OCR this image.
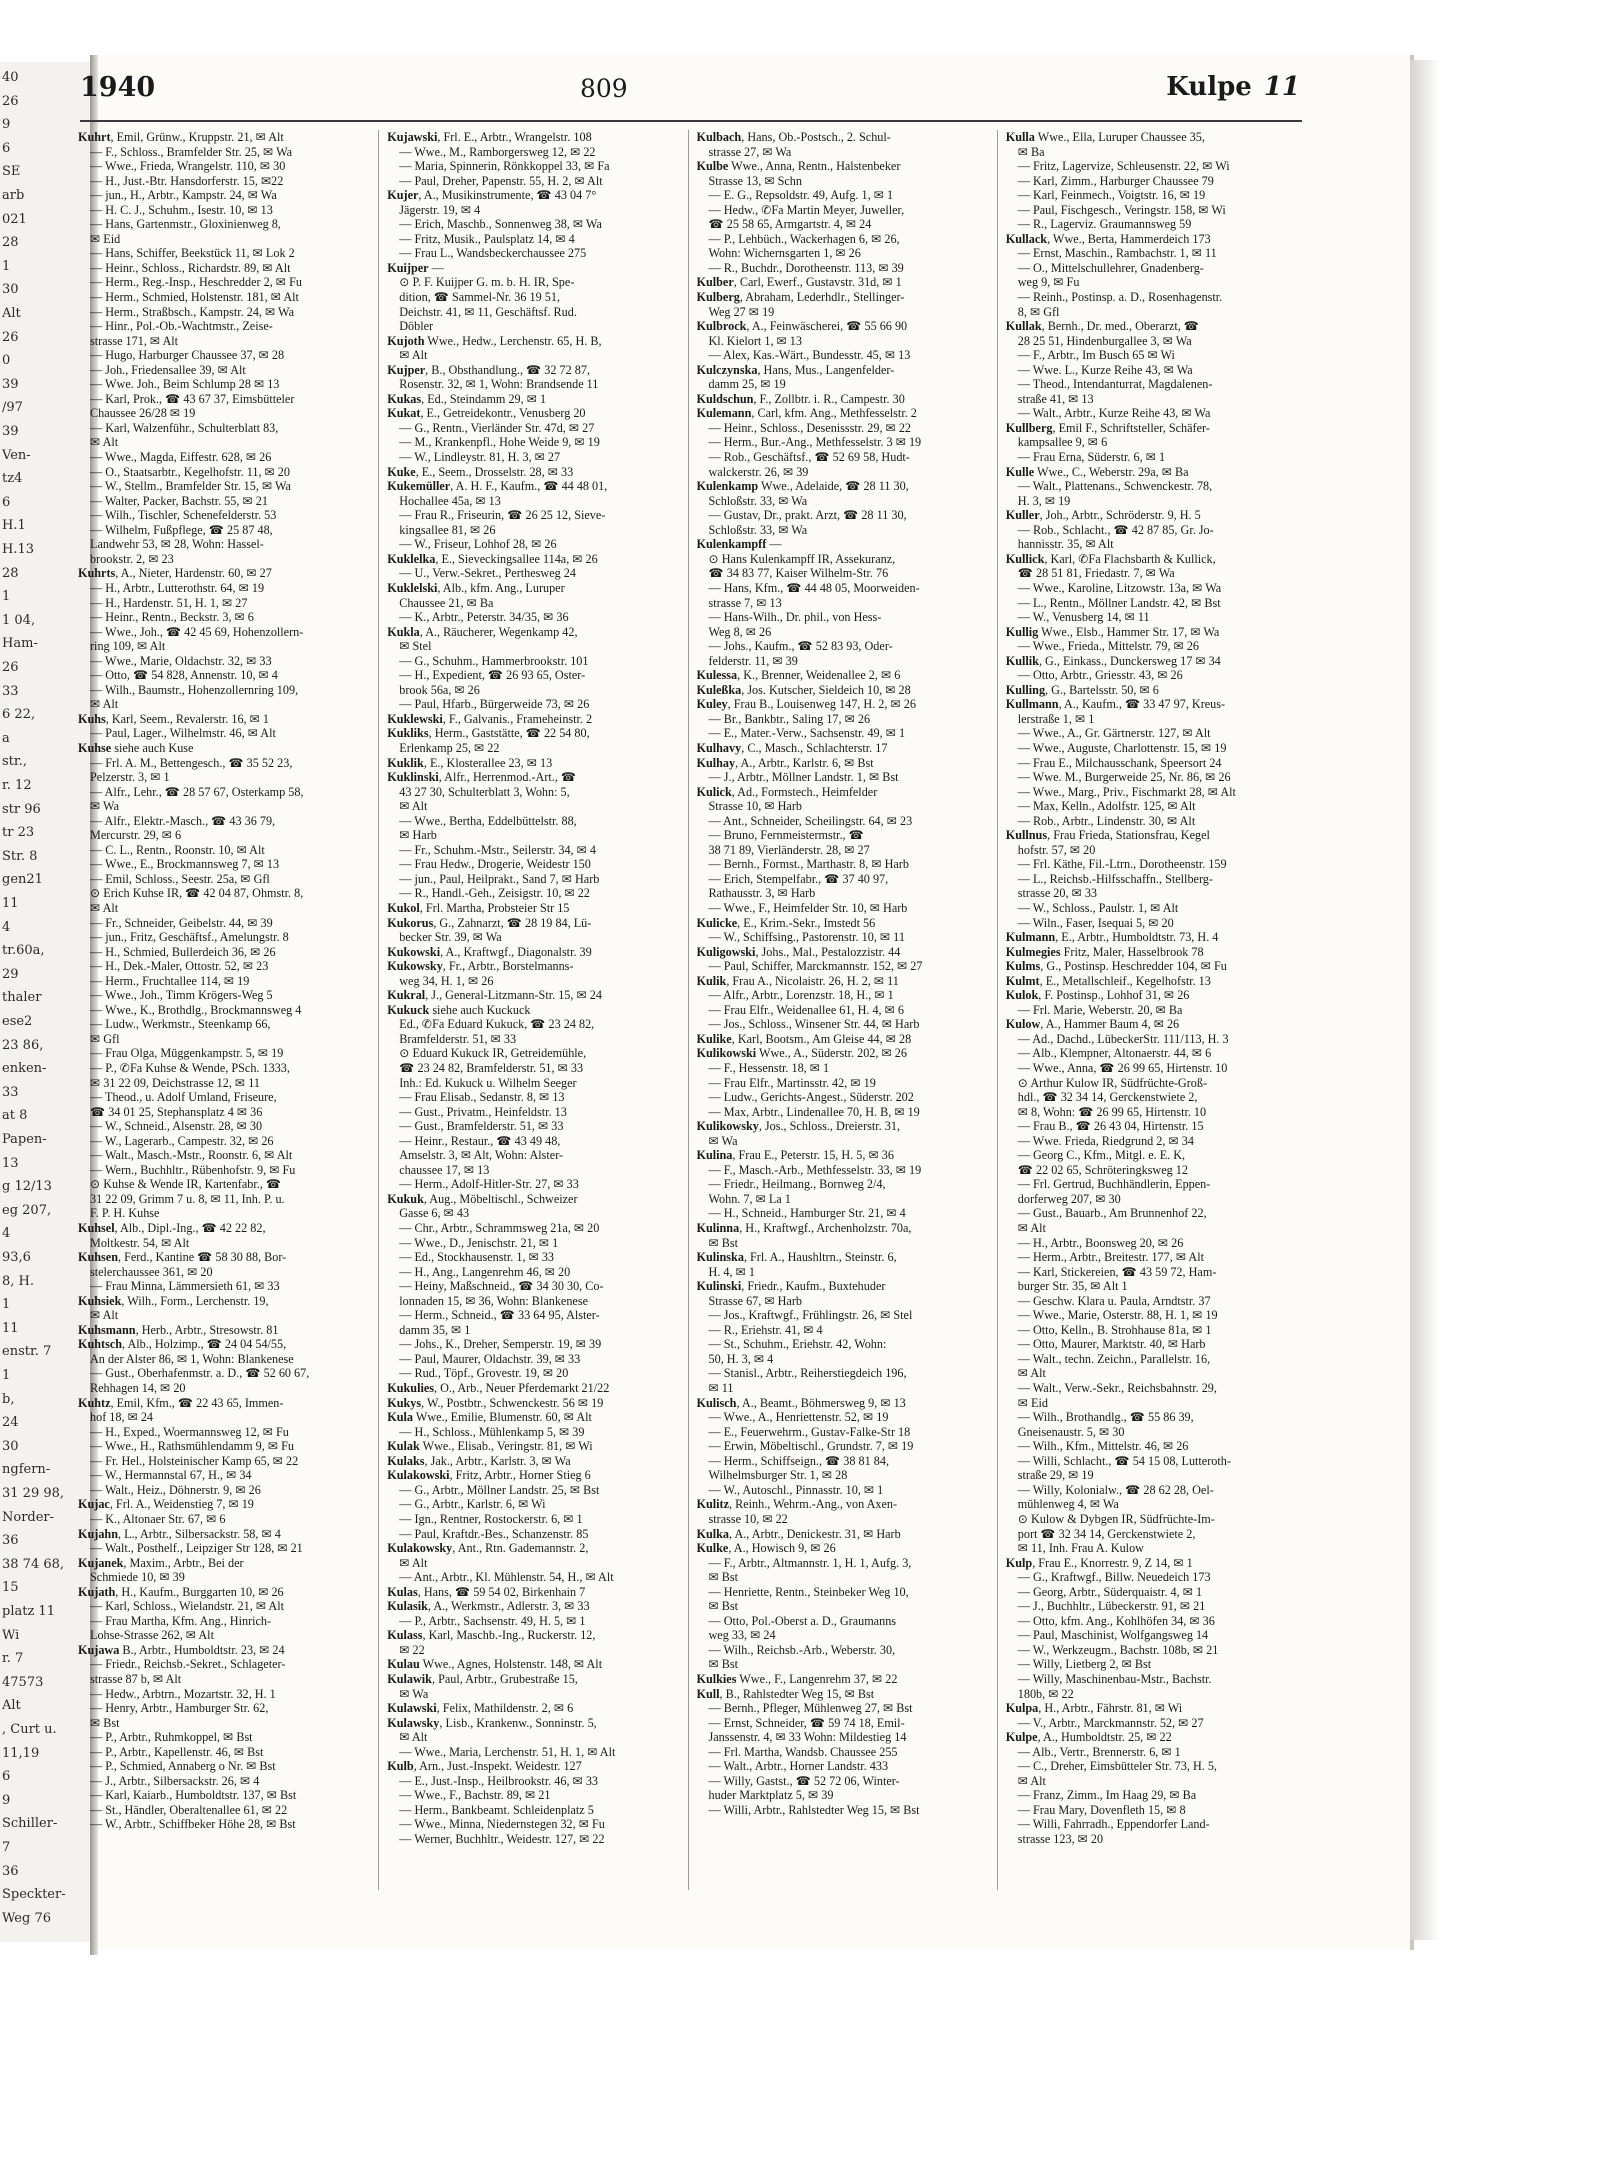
40
26
9
6
SE
arb
021
28
1
30
Alt
26
0
39
/97
39
Ven-
tz4
6
H.1
H.13
28
1
1 04,
Ham-
26
33
6 22,
a
str.,
r. 12
str 96
tr 23
Str. 8
gen21
11
4
tr.60a,
29
thaler
ese2
23 86,
enken-
33
at 8
Papen-
13
g 12/13
eg 207,
4
93,6
8, H.
1
11
enstr. 7
1
b,
24
30
ngfern-
31 29 98,
Norder-
36
38 74 68,
15
platz 11
Wi
r. 7
47573
Alt
, Curt u.
11,19
6
9
Schiller-
7
36
Speckter-
Weg 76
1940	809	Kulpe 11
Kuhrt, Emil, Grünw., Kruppstr. 21, ✉ Alt
— F., Schloss., Bramfelder Str. 25, ✉ Wa
— Wwe., Frieda, Wrangelstr. 110, ✉ 30
— H., Just.-Btr. Hansdorferstr. 15, ✉22
— jun., H., Arbtr., Kampstr. 24, ✉ Wa
— H. C. J., Schuhm., Isestr. 10, ✉ 13
— Hans, Gartenmstr., Gloxinienweg 8,
✉ Eid
— Hans, Schiffer, Beekstück 11, ✉ Lok 2
— Heinr., Schloss., Richardstr. 89, ✉ Alt
— Herm., Reg.-Insp., Heschredder 2, ✉ Fu
— Herm., Schmied, Holstenstr. 181, ✉ Alt
— Herm., Straßbsch., Kampstr. 24, ✉ Wa
— Hinr., Pol.-Ob.-Wachtmstr., Zeise-
strasse 171, ✉ Alt
— Hugo, Harburger Chaussee 37, ✉ 28
— Joh., Friedensallee 39, ✉ Alt
— Wwe. Joh., Beim Schlump 28 ✉ 13
— Karl, Prok., ☎ 43 67 37, Eimsbütteler
Chaussee 26/28 ✉ 19
— Karl, Walzenführ., Schulterblatt 83,
✉ Alt
— Wwe., Magda, Eiffestr. 628, ✉ 26
— O., Staatsarbtr., Kegelhofstr. 11, ✉ 20
— W., Stellm., Bramfelder Str. 15, ✉ Wa
— Walter, Packer, Bachstr. 55, ✉ 21
— Wilh., Tischler, Schenefelderstr. 53
— Wilhelm, Fußpflege, ☎ 25 87 48,
Landwehr 53, ✉ 28, Wohn: Hassel-
brookstr. 2, ✉ 23
Kuhrts, A., Nieter, Hardenstr. 60, ✉ 27
— H., Arbtr., Lutterothstr. 64, ✉ 19
— H., Hardenstr. 51, H. 1, ✉ 27
— Heinr., Rentn., Beckstr. 3, ✉ 6
— Wwe., Joh., ☎ 42 45 69, Hohenzollern-
ring 109, ✉ Alt
— Wwe., Marie, Oldachstr. 32, ✉ 33
— Otto, ☎ 54 828, Annenstr. 10, ✉ 4
— Wilh., Baumstr., Hohenzollernring 109,
✉ Alt
Kuhs, Karl, Seem., Revalerstr. 16, ✉ 1
— Paul, Lager., Wilhelmstr. 46, ✉ Alt
Kuhse siehe auch Kuse
— Frl. A. M., Bettengesch., ☎ 35 52 23,
Pelzerstr. 3, ✉ 1
— Alfr., Lehr., ☎ 28 57 67, Osterkamp 58,
✉ Wa
— Alfr., Elektr.-Masch., ☎ 43 36 79,
Mercurstr. 29, ✉ 6
— C. L., Rentn., Roonstr. 10, ✉ Alt
— Wwe., E., Brockmannsweg 7, ✉ 13
— Emil, Schloss., Seestr. 25a, ✉ Gfl
⊙ Erich Kuhse IR, ☎ 42 04 87, Ohmstr. 8,
✉ Alt
— Fr., Schneider, Geibelstr. 44, ✉ 39
— jun., Fritz, Geschäftsf., Amelungstr. 8
— H., Schmied, Bullerdeich 36, ✉ 26
— H., Dek.-Maler, Ottostr. 52, ✉ 23
— Herm., Fruchtallee 114, ✉ 19
— Wwe., Joh., Timm Krögers-Weg 5
— Wwe., K., Brothdlg., Brockmannsweg 4
— Ludw., Werkmstr., Steenkamp 66,
✉ Gfl
— Frau Olga, Müggenkampstr. 5, ✉ 19
— P., ✆Fa Kuhse & Wende, PSch. 1333,
✉ 31 22 09, Deichstrasse 12, ✉ 11
— Theod., u. Adolf Umland, Friseure,
☎ 34 01 25, Stephansplatz 4 ✉ 36
— W., Schneid., Alsenstr. 28, ✉ 30
— W., Lagerarb., Campestr. 32, ✉ 26
— Walt., Masch.-Mstr., Roonstr. 6, ✉ Alt
— Wern., Buchhltr., Rübenhofstr. 9, ✉ Fu
⊙ Kuhse & Wende IR, Kartenfabr., ☎
31 22 09, Grimm 7 u. 8, ✉ 11, Inh. P. u.
F. P. H. Kuhse
Kuhsel, Alb., Dipl.-Ing., ☎ 42 22 82,
Moltkestr. 54, ✉ Alt
Kuhsen, Ferd., Kantine ☎ 58 30 88, Bor-
stelerchaussee 361, ✉ 20
— Frau Minna, Lämmersieth 61, ✉ 33
Kuhsiek, Wilh., Form., Lerchenstr. 19,
✉ Alt
Kuhsmann, Herb., Arbtr., Stresowstr. 81
Kuhtsch, Alb., Holzimp., ☎ 24 04 54/55,
An der Alster 86, ✉ 1, Wohn: Blankenese
— Gust., Oberhafenmstr. a. D., ☎ 52 60 67,
Rehhagen 14, ✉ 20
Kuhtz, Emil, Kfm., ☎ 22 43 65, Immen-
hof 18, ✉ 24
— H., Exped., Woermannsweg 12, ✉ Fu
— Wwe., H., Rathsmühlendamm 9, ✉ Fu
— Fr. Hel., Holsteinischer Kamp 65, ✉ 22
— W., Hermannstal 67, H., ✉ 34
— Walt., Heiz., Döhnerstr. 9, ✉ 26
Kujac, Frl. A., Weidenstieg 7, ✉ 19
— K., Altonaer Str. 67, ✉ 6
Kujahn, L., Arbtr., Silbersackstr. 58, ✉ 4
— Walt., Posthelf., Leipziger Str 128, ✉ 21
Kujanek, Maxim., Arbtr., Bei der
Schmiede 10, ✉ 39
Kujath, H., Kaufm., Burggarten 10, ✉ 26
— Karl, Schloss., Wielandstr. 21, ✉ Alt
— Frau Martha, Kfm. Ang., Hinrich-
Lohse-Strasse 262, ✉ Alt
Kujawa B., Arbtr., Humboldtstr. 23, ✉ 24
— Friedr., Reichsb.-Sekret., Schlageter-
strasse 87 b, ✉ Alt
— Hedw., Arbtrn., Mozartstr. 32, H. 1
— Henry, Arbtr., Hamburger Str. 62,
✉ Bst
— P., Arbtr., Ruhmkoppel, ✉ Bst
— P., Arbtr., Kapellenstr. 46, ✉ Bst
— P., Schmied, Annaberg o Nr. ✉ Bst
— J., Arbtr., Silbersackstr. 26, ✉ 4
— Karl, Kaiarb., Humboldtstr. 137, ✉ Bst
— St., Händler, Oberaltenallee 61, ✉ 22
— W., Arbtr., Schiffbeker Höhe 28, ✉ Bst
Kujawski, Frl. E., Arbtr., Wrangelstr. 108
— Wwe., M., Ramborgersweg 12, ✉ 22
— Maria, Spinnerin, Rönkkoppel 33, ✉ Fa
— Paul, Dreher, Papenstr. 55, H. 2, ✉ Alt
Kujer, A., Musikinstrumente, ☎ 43 04 7°
Jägerstr. 19, ✉ 4
— Erich, Maschb., Sonnenweg 38, ✉ Wa
— Fritz, Musik., Paulsplatz 14, ✉ 4
— Frau L., Wandsbeckerchaussee 275
Kuijper —
⊙ P. F. Kuijper G. m. b. H. IR, Spe-
dition, ☎ Sammel-Nr. 36 19 51,
Deichstr. 41, ✉ 11, Geschäftsf. Rud.
Döbler
Kujoth Wwe., Hedw., Lerchenstr. 65, H. B,
✉ Alt
Kujper, B., Obsthandlung., ☎ 32 72 87,
Rosenstr. 32, ✉ 1, Wohn: Brandsende 11
Kukas, Ed., Steindamm 29, ✉ 1
Kukat, E., Getreidekontr., Venusberg 20
— G., Rentn., Vierländer Str. 47d, ✉ 27
— M., Krankenpfl., Hohe Weide 9, ✉ 19
— W., Lindleystr. 81, H. 3, ✉ 27
Kuke, E., Seem., Drosselstr. 28, ✉ 33
Kukemüller, A. H. F., Kaufm., ☎ 44 48 01,
Hochallee 45a, ✉ 13
— Frau R., Friseurin, ☎ 26 25 12, Sieve-
kingsallee 81, ✉ 26
— W., Friseur, Lohhof 28, ✉ 26
Kuklelka, E., Sieveckingsallee 114a, ✉ 26
— U., Verw.-Sekret., Perthesweg 24
Kuklelski, Alb., kfm. Ang., Luruper
Chaussee 21, ✉ Ba
— K., Arbtr., Peterstr. 34/35, ✉ 36
Kukla, A., Räucherer, Wegenkamp 42,
✉ Stel
— G., Schuhm., Hammerbrookstr. 101
— H., Expedient, ☎ 26 93 65, Oster-
brook 56a, ✉ 26
— Paul, Hfarb., Bürgerweide 73, ✉ 26
Kuklewski, F., Galvanis., Frameheinstr. 2
Kukliks, Herm., Gaststätte, ☎ 22 54 80,
Erlenkamp 25, ✉ 22
Kuklik, E., Klosterallee 23, ✉ 13
Kuklinski, Alfr., Herrenmod.-Art., ☎
43 27 30, Schulterblatt 3, Wohn: 5,
✉ Alt
— Wwe., Bertha, Eddelbüttelstr. 88,
✉ Harb
— Fr., Schuhm.-Mstr., Seilerstr. 34, ✉ 4
— Frau Hedw., Drogerie, Weidestr 150
— jun., Paul, Heilprakt., Sand 7, ✉ Harb
— R., Handl.-Geh., Zeisigstr. 10, ✉ 22
Kukol, Frl. Martha, Probsteier Str 15
Kukorus, G., Zahnarzt, ☎ 28 19 84, Lü-
becker Str. 39, ✉ Wa
Kukowski, A., Kraftwgf., Diagonalstr. 39
Kukowsky, Fr., Arbtr., Borstelmanns-
weg 34, H. 1, ✉ 26
Kukral, J., General-Litzmann-Str. 15, ✉ 24
Kukuck siehe auch Kuckuck
Ed., ✆Fa Eduard Kukuck, ☎ 23 24 82,
Bramfelderstr. 51, ✉ 33
⊙ Eduard Kukuck IR, Getreidemühle,
☎ 23 24 82, Bramfelderstr. 51, ✉ 33
Inh.: Ed. Kukuck u. Wilhelm Seeger
— Frau Elisab., Sedanstr. 8, ✉ 13
— Gust., Privatm., Heinfeldstr. 13
— Gust., Bramfelderstr. 51, ✉ 33
— Heinr., Restaur., ☎ 43 49 48,
Amselstr. 3, ✉ Alt, Wohn: Alster-
chaussee 17, ✉ 13
— Herm., Adolf-Hitler-Str. 27, ✉ 33
Kukuk, Aug., Möbeltischl., Schweizer
Gasse 6, ✉ 43
— Chr., Arbtr., Schrammsweg 21a, ✉ 20
— Wwe., D., Jenischstr. 21, ✉ 1
— Ed., Stockhausenstr. 1, ✉ 33
— H., Ang., Langenrehm 46, ✉ 20
— Heiny, Maßschneid., ☎ 34 30 30, Co-
lonnaden 15, ✉ 36, Wohn: Blankenese
— Herm., Schneid., ☎ 33 64 95, Alster-
damm 35, ✉ 1
— Johs., K., Dreher, Semperstr. 19, ✉ 39
— Paul, Maurer, Oldachstr. 39, ✉ 33
— Rud., Töpf., Grovestr. 19, ✉ 20
Kukulies, O., Arb., Neuer Pferdemarkt 21/22
Kukys, W., Postbtr., Schwenckestr. 56 ✉ 19
Kula Wwe., Emilie, Blumenstr. 60, ✉ Alt
— H., Schloss., Mühlenkamp 5, ✉ 39
Kulak Wwe., Elisab., Veringstr. 81, ✉ Wi
Kulaks, Jak., Arbtr., Karlstr. 3, ✉ Wa
Kulakowski, Fritz, Arbtr., Horner Stieg 6
— G., Arbtr., Möllner Landstr. 25, ✉ Bst
— G., Arbtr., Karlstr. 6, ✉ Wi
— Ign., Rentner, Rostockerstr. 6, ✉ 1
— Paul, Kraftdr.-Bes., Schanzenstr. 85
Kulakowsky, Ant., Rtn. Gademannstr. 2,
✉ Alt
— Ant., Arbtr., Kl. Mühlenstr. 54, H., ✉ Alt
Kulas, Hans, ☎ 59 54 02, Birkenhain 7
Kulasik, A., Werkmstr., Adlerstr. 3, ✉ 33
— P., Arbtr., Sachsenstr. 49, H. 5, ✉ 1
Kulass, Karl, Maschb.-Ing., Ruckerstr. 12,
✉ 22
Kulau Wwe., Agnes, Holstenstr. 148, ✉ Alt
Kulawik, Paul, Arbtr., Grubestraße 15,
✉ Wa
Kulawski, Felix, Mathildenstr. 2, ✉ 6
Kulawsky, Lisb., Krankenw., Sonninstr. 5,
✉ Alt
— Wwe., Maria, Lerchenstr. 51, H. 1, ✉ Alt
Kulb, Arn., Just.-Inspekt. Weidestr. 127
— E., Just.-Insp., Heilbrookstr. 46, ✉ 33
— Wwe., F., Bachstr. 89, ✉ 21
— Herm., Bankbeamt. Schleidenplatz 5
— Wwe., Minna, Niedernstegen 32, ✉ Fu
— Werner, Buchhltr., Weidestr. 127, ✉ 22
Kulbach, Hans, Ob.-Postsch., 2. Schul-
strasse 27, ✉ Wa
Kulbe Wwe., Anna, Rentn., Halstenbeker
Strasse 13, ✉ Schn
— E. G., Repsoldstr. 49, Aufg. 1, ✉ 1
— Hedw., ✆Fa Martin Meyer, Juweller,
☎ 25 58 65, Armgartstr. 4, ✉ 24
— P., Lehbüch., Wackerhagen 6, ✉ 26,
Wohn: Wichernsgarten 1, ✉ 26
— R., Buchdr., Dorotheenstr. 113, ✉ 39
Kulber, Carl, Ewerf., Gustavstr. 31d, ✉ 1
Kulberg, Abraham, Lederhdlr., Stellinger-
Weg 27 ✉ 19
Kulbrock, A., Feinwäscherei, ☎ 55 66 90
Kl. Kielort 1, ✉ 13
— Alex, Kas.-Wärt., Bundesstr. 45, ✉ 13
Kulczynska, Hans, Mus., Langenfelder-
damm 25, ✉ 19
Kuldschun, F., Zollbtr. i. R., Campestr. 30
Kulemann, Carl, kfm. Ang., Methfesselstr. 2
— Heinr., Schloss., Desenissstr. 29, ✉ 22
— Herm., Bur.-Ang., Methfesselstr. 3 ✉ 19
— Rob., Geschäftsf., ☎ 52 69 58, Hudt-
walckerstr. 26, ✉ 39
Kulenkamp Wwe., Adelaide, ☎ 28 11 30,
Schloßstr. 33, ✉ Wa
— Gustav, Dr., prakt. Arzt, ☎ 28 11 30,
Schloßstr. 33, ✉ Wa
Kulenkampff —
⊙ Hans Kulenkampff IR, Assekuranz,
☎ 34 83 77, Kaiser Wilhelm-Str. 76
— Hans, Kfm., ☎ 44 48 05, Moorweiden-
strasse 7, ✉ 13
— Hans-Wilh., Dr. phil., von Hess-
Weg 8, ✉ 26
— Johs., Kaufm., ☎ 52 83 93, Oder-
felderstr. 11, ✉ 39
Kulessa, K., Brenner, Weidenallee 2, ✉ 6
Kuleßka, Jos. Kutscher, Sieldeich 10, ✉ 28
Kuley, Frau B., Louisenweg 147, H. 2, ✉ 26
— Br., Bankbtr., Saling 17, ✉ 26
— E., Mater.-Verw., Sachsenstr. 49, ✉ 1
Kulhavy, C., Masch., Schlachterstr. 17
Kulhay, A., Arbtr., Karlstr. 6, ✉ Bst
— J., Arbtr., Möllner Landstr. 1, ✉ Bst
Kulick, Ad., Formstech., Heimfelder
Strasse 10, ✉ Harb
— Ant., Schneider, Scheilingstr. 64, ✉ 23
— Bruno, Fernmeistermstr., ☎
38 71 89, Vierländerstr. 28, ✉ 27
— Bernh., Formst., Marthastr. 8, ✉ Harb
— Erich, Stempelfabr., ☎ 37 40 97,
Rathausstr. 3, ✉ Harb
— Wwe., F., Heimfelder Str. 10, ✉ Harb
Kulicke, E., Krim.-Sekr., Imstedt 56
— W., Schiffsing., Pastorenstr. 10, ✉ 11
Kuligowski, Johs., Mal., Pestalozzistr. 44
— Paul, Schiffer, Marckmannstr. 152, ✉ 27
Kulik, Frau A., Nicolaistr. 26, H. 2, ✉ 11
— Alfr., Arbtr., Lorenzstr. 18, H., ✉ 1
— Frau Elfr., Weidenallee 61, H. 4, ✉ 6
— Jos., Schloss., Winsener Str. 44, ✉ Harb
Kulike, Karl, Bootsm., Am Gleise 44, ✉ 28
Kulikowski Wwe., A., Süderstr. 202, ✉ 26
— F., Hessenstr. 18, ✉ 1
— Frau Elfr., Martinsstr. 42, ✉ 19
— Ludw., Gerichts-Angest., Süderstr. 202
— Max, Arbtr., Lindenallee 70, H. B, ✉ 19
Kulikowsky, Jos., Schloss., Dreierstr. 31,
✉ Wa
Kulina, Frau E., Peterstr. 15, H. 5, ✉ 36
— F., Masch.-Arb., Methfesselstr. 33, ✉ 19
— Friedr., Heilmang., Bornweg 2/4,
Wohn. 7, ✉ La 1
— H., Schneid., Hamburger Str. 21, ✉ 4
Kulinna, H., Kraftwgf., Archenholzstr. 70a,
✉ Bst
Kulinska, Frl. A., Haushltrn., Steinstr. 6,
H. 4, ✉ 1
Kulinski, Friedr., Kaufm., Buxtehuder
Strasse 67, ✉ Harb
— Jos., Kraftwgf., Frühlingstr. 26, ✉ Stel
— R., Eriehstr. 41, ✉ 4
— St., Schuhm., Eriehstr. 42, Wohn:
50, H. 3, ✉ 4
— Stanisl., Arbtr., Reiherstiegdeich 196,
✉ 11
Kulisch, A., Beamt., Böhmersweg 9, ✉ 13
— Wwe., A., Henriettenstr. 52, ✉ 19
— E., Feuerwehrm., Gustav-Falke-Str 18
— Erwin, Möbeltischl., Grundstr. 7, ✉ 19
— Herm., Schiffseign., ☎ 38 81 84,
Wilhelmsburger Str. 1, ✉ 28
— W., Autoschl., Pinnasstr. 10, ✉ 1
Kulitz, Reinh., Wehrm.-Ang., von Axen-
strasse 10, ✉ 22
Kulka, A., Arbtr., Denickestr. 31, ✉ Harb
Kulke, A., Howisch 9, ✉ 26
— F., Arbtr., Altmannstr. 1, H. 1, Aufg. 3,
✉ Bst
— Henriette, Rentn., Steinbeker Weg 10,
✉ Bst
— Otto, Pol.-Oberst a. D., Graumanns
weg 33, ✉ 24
— Wilh., Reichsb.-Arb., Weberstr. 30,
✉ Bst
Kulkies Wwe., F., Langenrehm 37, ✉ 22
Kull, B., Rahlstedter Weg 15, ✉ Bst
— Bernh., Pfleger, Mühlenweg 27, ✉ Bst
— Ernst, Schneider, ☎ 59 74 18, Emil-
Janssenstr. 4, ✉ 33 Wohn: Mildestieg 14
— Frl. Martha, Wandsb. Chaussee 255
— Walt., Arbtr., Horner Landstr. 433
— Willy, Gastst., ☎ 52 72 06, Winter-
huder Marktplatz 5, ✉ 39
— Willi, Arbtr., Rahlstedter Weg 15, ✉ Bst
Kulla Wwe., Ella, Luruper Chaussee 35,
✉ Ba
— Fritz, Lagervize, Schleusenstr. 22, ✉ Wi
— Karl, Zimm., Harburger Chaussee 79
— Karl, Feinmech., Voigtstr. 16, ✉ 19
— Paul, Fischgesch., Veringstr. 158, ✉ Wi
— R., Lagerviz. Graumannsweg 59
Kullack, Wwe., Berta, Hammerdeich 173
— Ernst, Maschin., Rambachstr. 1, ✉ 11
— O., Mittelschullehrer, Gnadenberg-
weg 9, ✉ Fu
— Reinh., Postinsp. a. D., Rosenhagenstr.
8, ✉ Gfl
Kullak, Bernh., Dr. med., Oberarzt, ☎
28 25 51, Hindenburgallee 3, ✉ Wa
— F., Arbtr., Im Busch 65 ✉ Wi
— Wwe. L., Kurze Reihe 43, ✉ Wa
— Theod., Intendanturrat, Magdalenen-
straße 41, ✉ 13
— Walt., Arbtr., Kurze Reihe 43, ✉ Wa
Kullberg, Emil F., Schriftsteller, Schäfer-
kampsallee 9, ✉ 6
— Frau Erna, Süderstr. 6, ✉ 1
Kulle Wwe., C., Weberstr. 29a, ✉ Ba
— Walt., Plattenans., Schwenckestr. 78,
H. 3, ✉ 19
Kuller, Joh., Arbtr., Schröderstr. 9, H. 5
— Rob., Schlacht., ☎ 42 87 85, Gr. Jo-
hannisstr. 35, ✉ Alt
Kullick, Karl, ✆Fa Flachsbarth & Kullick,
☎ 28 51 81, Friedastr. 7, ✉ Wa
— Wwe., Karoline, Litzowstr. 13a, ✉ Wa
— L., Rentn., Möllner Landstr. 42, ✉ Bst
— W., Venusberg 14, ✉ 11
Kullig Wwe., Elsb., Hammer Str. 17, ✉ Wa
— Wwe., Frieda., Mittelstr. 79, ✉ 26
Kullik, G., Einkass., Dunckersweg 17 ✉ 34
— Otto, Arbtr., Griesstr. 43, ✉ 26
Kulling, G., Bartelsstr. 50, ✉ 6
Kullmann, A., Kaufm., ☎ 33 47 97, Kreus-
lerstraße 1, ✉ 1
— Wwe., A., Gr. Gärtnerstr. 127, ✉ Alt
— Wwe., Auguste, Charlottenstr. 15, ✉ 19
— Frau E., Milchausschank, Speersort 24
— Wwe. M., Burgerweide 25, Nr. 86, ✉ 26
— Wwe., Marg., Priv., Fischmarkt 28, ✉ Alt
— Max, Kelln., Adolfstr. 125, ✉ Alt
— Rob., Arbtr., Lindenstr. 30, ✉ Alt
Kullnus, Frau Frieda, Stationsfrau, Kegel
hofstr. 57, ✉ 20
— Frl. Käthe, Fil.-Ltrn., Dorotheenstr. 159
— L., Reichsb.-Hilfsschaffn., Stellberg-
strasse 20, ✉ 33
— W., Schloss., Paulstr. 1, ✉ Alt
— Wiln., Faser, Isequai 5, ✉ 20
Kulmann, E., Arbtr., Humboldtstr. 73, H. 4
Kulmegies Fritz, Maler, Hasselbrook 78
Kulms, G., Postinsp. Heschredder 104, ✉ Fu
Kulmt, E., Metallschleif., Kegelhofstr. 13
Kulok, F. Postinsp., Lohhof 31, ✉ 26
— Frl. Marie, Weberstr. 20, ✉ Ba
Kulow, A., Hammer Baum 4, ✉ 26
— Ad., Dachd., LübeckerStr. 111/113, H. 3
— Alb., Klempner, Altonaerstr. 44, ✉ 6
— Wwe., Anna, ☎ 26 99 65, Hirtenstr. 10
⊙ Arthur Kulow IR, Südfrüchte-Groß-
hdl., ☎ 32 34 14, Gerckenstwiete 2,
✉ 8, Wohn: ☎ 26 99 65, Hirtenstr. 10
— Frau B., ☎ 26 43 04, Hirtenstr. 15
— Wwe. Frieda, Riedgrund 2, ✉ 34
— Georg C., Kfm., Mitgl. e. E. K,
☎ 22 02 65, Schröteringksweg 12
— Frl. Gertrud, Buchhändlerin, Eppen-
dorferweg 207, ✉ 30
— Gust., Bauarb., Am Brunnenhof 22,
✉ Alt
— H., Arbtr., Boonsweg 20, ✉ 26
— Herm., Arbtr., Breitestr. 177, ✉ Alt
— Karl, Stickereien, ☎ 43 59 72, Ham-
burger Str. 35, ✉ Alt 1
— Geschw. Klara u. Paula, Arndtstr. 37
— Wwe., Marie, Osterstr. 88, H. 1, ✉ 19
— Otto, Kelln., B. Strohhause 81a, ✉ 1
— Otto, Maurer, Marktstr. 40, ✉ Harb
— Walt., techn. Zeichn., Parallelstr. 16,
✉ Alt
— Walt., Verw.-Sekr., Reichsbahnstr. 29,
✉ Eid
— Wilh., Brothandlg., ☎ 55 86 39,
Gneisenaustr. 5, ✉ 30
— Wilh., Kfm., Mittelstr. 46, ✉ 26
— Willi, Schlacht., ☎ 54 15 08, Lutteroth-
straße 29, ✉ 19
— Willy, Kolonialw., ☎ 28 62 28, Oel-
mühlenweg 4, ✉ Wa
⊙ Kulow & Dybgen IR, Südfrüchte-Im-
port ☎ 32 34 14, Gerckenstwiete 2,
✉ 11, Inh. Frau A. Kulow
Kulp, Frau E., Knorrestr. 9, Z 14, ✉ 1
— G., Kraftwgf., Billw. Neuedeich 173
— Georg, Arbtr., Süderquaistr. 4, ✉ 1
— J., Buchhltr., Lübeckerstr. 91, ✉ 21
— Otto, kfm. Ang., Kohlhöfen 34, ✉ 36
— Paul, Maschinist, Wolfgangsweg 14
— W., Werkzeugm., Bachstr. 108b, ✉ 21
— Willy, Lietberg 2, ✉ Bst
— Willy, Maschinenbau-Mstr., Bachstr.
180b, ✉ 22
Kulpa, H., Arbtr., Fährstr. 81, ✉ Wi
— V., Arbtr., Marckmannstr. 52, ✉ 27
Kulpe, A., Humboldtstr. 25, ✉ 22
— Alb., Vertr., Brennerstr. 6, ✉ 1
— C., Dreher, Eimsbütteler Str. 73, H. 5,
✉ Alt
— Franz, Zimm., Im Haag 29, ✉ Ba
— Frau Mary, Dovenfleth 15, ✉ 8
— Willi, Fahrradh., Eppendorfer Land-
strasse 123, ✉ 20
